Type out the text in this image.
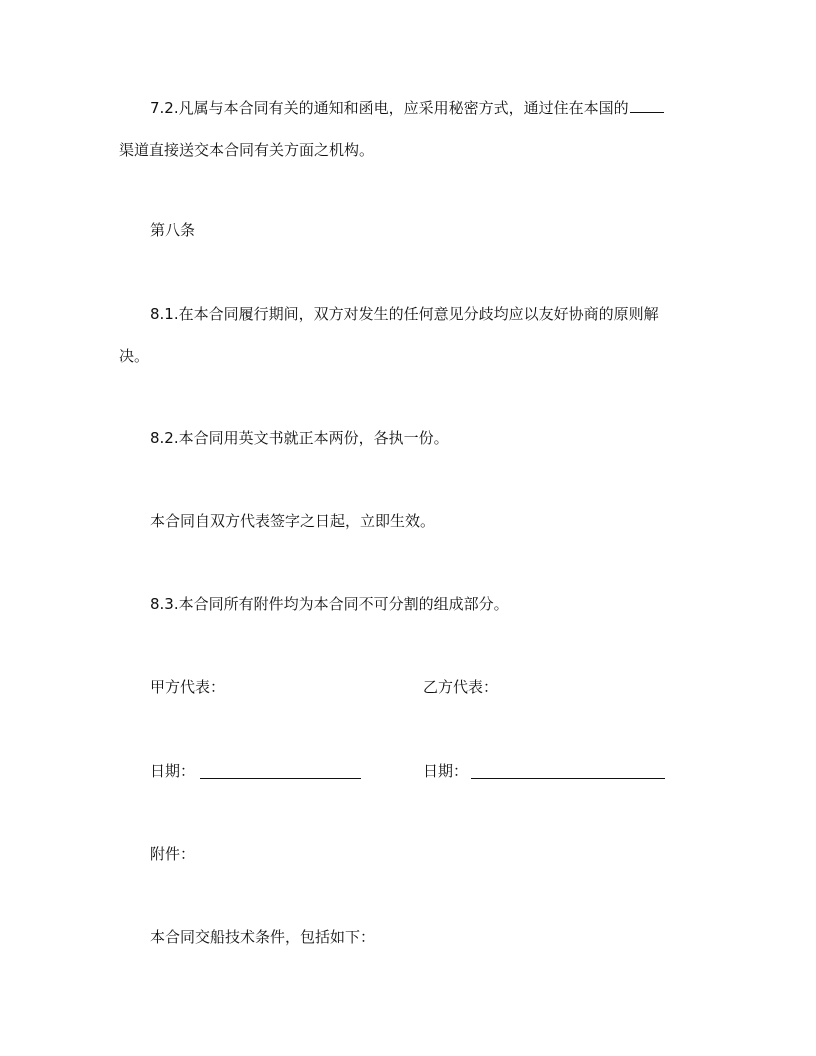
7.2.凡属与本合同有关的通知和函电，应采用秘密方式，通过住在本国的
渠道直接送交本合同有关方面之机构。
第八条
8.1.在本合同履行期间，双方对发生的任何意见分歧均应以友好协商的原则解
决。
8.2.本合同用英文书就正本两份，各执一份。
本合同自双方代表签字之日起，立即生效。
8.3.本合同所有附件均为本合同不可分割的组成部分。
甲方代表：	乙方代表：
日期：	日期：
附件：
本合同交船技术条件，包括如下：
